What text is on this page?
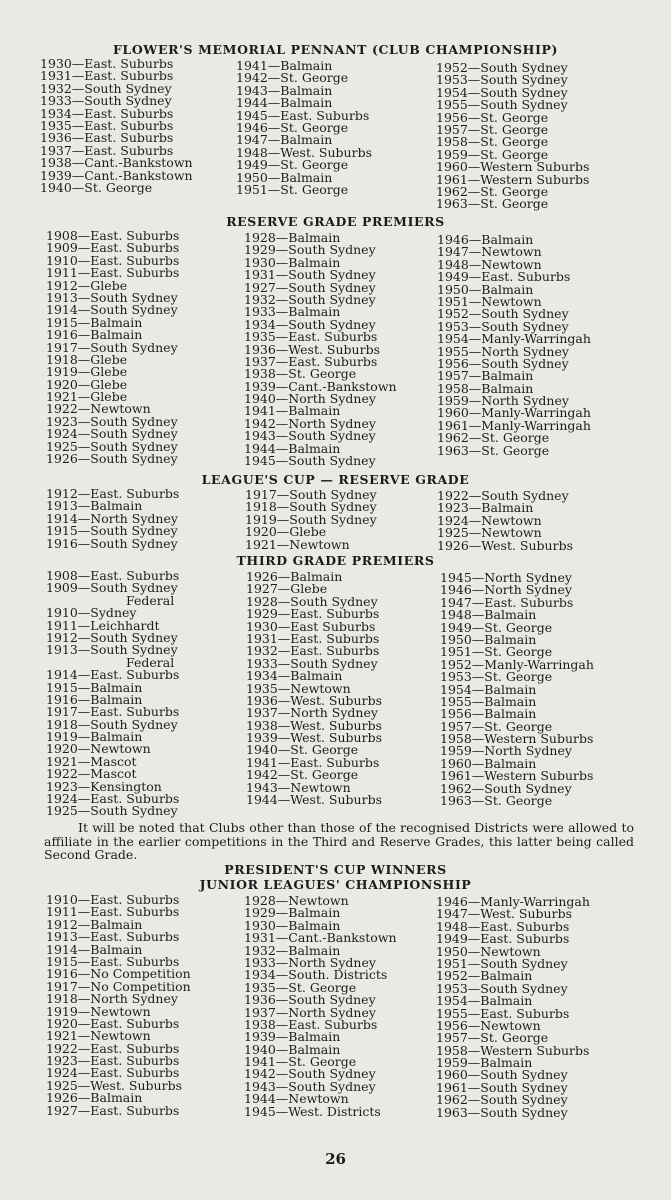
FLOWER'S MEMORIAL PENNANT (CLUB CHAMPIONSHIP)
1930—East. Suburbs
1931—East. Suburbs
1932—South Sydney
1933—South Sydney
1934—East. Suburbs
1935—East. Suburbs
1936—East. Suburbs
1937—East. Suburbs
1938—Cant.-Bankstown
1939—Cant.-Bankstown
1940—St. George
1941—Balmain
1942—St. George
1943—Balmain
1944—Balmain
1945—East. Suburbs
1946—St. George
1947—Balmain
1948—West. Suburbs
1949—St. George
1950—Balmain
1951—St. George
1952—South Sydney
1953—South Sydney
1954—South Sydney
1955—South Sydney
1956—St. George
1957—St. George
1958—St. George
1959—St. George
1960—Western Suburbs
1961—Western Suburbs
1962—St. George
1963—St. George
RESERVE GRADE PREMIERS
1908—East. Suburbs
1909—East. Suburbs
1910—East. Suburbs
1911—East. Suburbs
1912—Glebe
1913—South Sydney
1914—South Sydney
1915—Balmain
1916—Balmain
1917—South Sydney
1918—Glebe
1919—Glebe
1920—Glebe
1921—Glebe
1922—Newtown
1923—South Sydney
1924—South Sydney
1925—South Sydney
1926—South Sydney
1928—Balmain
1929—South Sydney
1930—Balmain
1931—South Sydney
1927—South Sydney
1932—South Sydney
1933—Balmain
1934—South Sydney
1935—East. Suburbs
1936—West. Suburbs
1937—East. Suburbs
1938—St. George
1939—Cant.-Bankstown
1940—North Sydney
1941—Balmain
1942—North Sydney
1943—South Sydney
1944—Balmain
1945—South Sydney
1946—Balmain
1947—Newtown
1948—Newtown
1949—East. Suburbs
1950—Balmain
1951—Newtown
1952—South Sydney
1953—South Sydney
1954—Manly-Warringah
1955—North Sydney
1956—South Sydney
1957—Balmain
1958—Balmain
1959—North Sydney
1960—Manly-Warringah
1961—Manly-Warringah
1962—St. George
1963—St. George
LEAGUE'S CUP — RESERVE GRADE
1912—East. Suburbs
1913—Balmain
1914—North Sydney
1915—South Sydney
1916—South Sydney
1917—South Sydney
1918—South Sydney
1919—South Sydney
1920—Glebe
1921—Newtown
1922—South Sydney
1923—Balmain
1924—Newtown
1925—Newtown
1926—West. Suburbs
THIRD GRADE PREMIERS
1908—East. Suburbs
1909—South Sydney
Federal
1910—Sydney
1911—Leichhardt
1912—South Sydney
1913—South Sydney
Federal
1914—East. Suburbs
1915—Balmain
1916—Balmain
1917—East. Suburbs
1918—South Sydney
1919—Balmain
1920—Newtown
1921—Mascot
1922—Mascot
1923—Kensington
1924—East. Suburbs
1925—South Sydney
1926—Balmain
1927—Glebe
1928—South Sydney
1929—East. Suburbs
1930—East Suburbs
1931—East. Suburbs
1932—East. Suburbs
1933—South Sydney
1934—Balmain
1935—Newtown
1936—West. Suburbs
1937—North Sydney
1938—West. Suburbs
1939—West. Suburbs
1940—St. George
1941—East. Suburbs
1942—St. George
1943—Newtown
1944—West. Suburbs
1945—North Sydney
1946—North Sydney
1947—East. Suburbs
1948—Balmain
1949—St. George
1950—Balmain
1951—St. George
1952—Manly-Warringah
1953—St. George
1954—Balmain
1955—Balmain
1956—Balmain
1957—St. George
1958—Western Suburbs
1959—North Sydney
1960—Balmain
1961—Western Suburbs
1962—South Sydney
1963—St. George

It will be noted that Clubs other than those of the recognised Districts were allowed to affiliate in the earlier competitions in the Third and Reserve Grades, this latter being called Second Grade.

PRESIDENT'S CUP WINNERS
JUNIOR LEAGUES' CHAMPIONSHIP
1910—East. Suburbs
1911—East. Suburbs
1912—Balmain
1913—East. Suburbs
1914—Balmain
1915—East. Suburbs
1916—No Competition
1917—No Competition
1918—North Sydney
1919—Newtown
1920—East. Suburbs
1921—Newtown
1922—East. Suburbs
1923—East. Suburbs
1924—East. Suburbs
1925—West. Suburbs
1926—Balmain
1927—East. Suburbs
1928—Newtown
1929—Balmain
1930—Balmain
1931—Cant.-Bankstown
1932—Balmain
1933—North Sydney
1934—South. Districts
1935—St. George
1936—South Sydney
1937—North Sydney
1938—East. Suburbs
1939—Balmain
1940—Balmain
1941—St. George
1942—South Sydney
1943—South Sydney
1944—Newtown
1945—West. Districts
1946—Manly-Warringah
1947—West. Suburbs
1948—East. Suburbs
1949—East. Suburbs
1950—Newtown
1951—South Sydney
1952—Balmain
1953—South Sydney
1954—Balmain
1955—East. Suburbs
1956—Newtown
1957—St. George
1958—Western Suburbs
1959—Balmain
1960—South Sydney
1961—South Sydney
1962—South Sydney
1963—South Sydney
26
